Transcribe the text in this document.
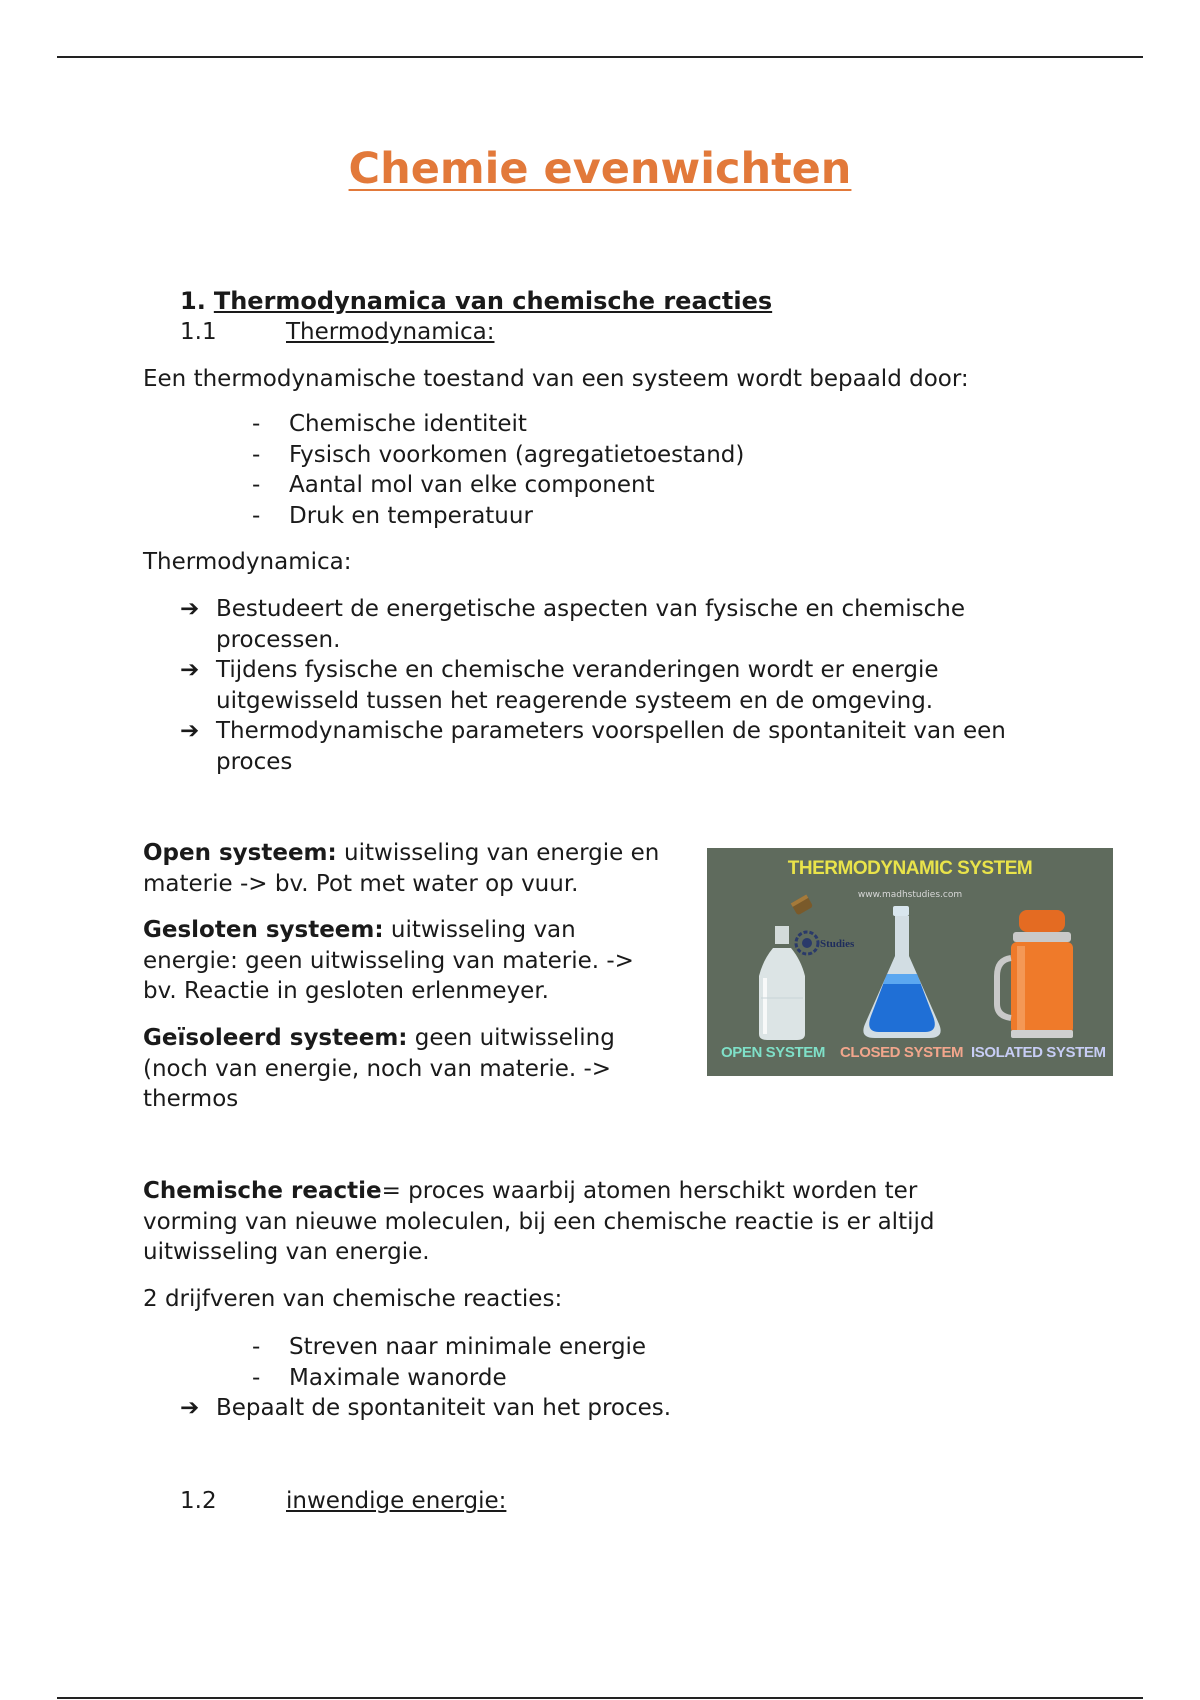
Chemie evenwichten
1. Thermodynamica van chemische reacties
1.1	Thermodynamica:
Een thermodynamische toestand van een systeem wordt bepaald door:
- Chemische identiteit
- Fysisch voorkomen (agregatietoestand)
- Aantal mol van elke component
- Druk en temperatuur
Thermodynamica:
➔ Bestudeert de energetische aspecten van fysische en chemische processen.
➔ Tijdens fysische en chemische veranderingen wordt er energie uitgewisseld tussen het reagerende systeem en de omgeving.
➔ Thermodynamische parameters voorspellen de spontaniteit van een proces
Open systeem: uitwisseling van energie en materie -> bv. Pot met water op vuur.
Gesloten systeem: uitwisseling van energie: geen uitwisseling van materie. -> bv. Reactie in gesloten erlenmeyer.
Geïsoleerd systeem: geen uitwisseling (noch van energie, noch van materie. -> thermos
THERMODYNAMIC SYSTEM
www.madhstudies.com
Studies
OPEN SYSTEM CLOSED SYSTEM ISOLATED SYSTEM
Chemische reactie= proces waarbij atomen herschikt worden ter vorming van nieuwe moleculen, bij een chemische reactie is er altijd uitwisseling van energie.
2 drijfveren van chemische reacties:
- Streven naar minimale energie
- Maximale wanorde
➔ Bepaalt de spontaniteit van het proces.
1.2	inwendige energie:
